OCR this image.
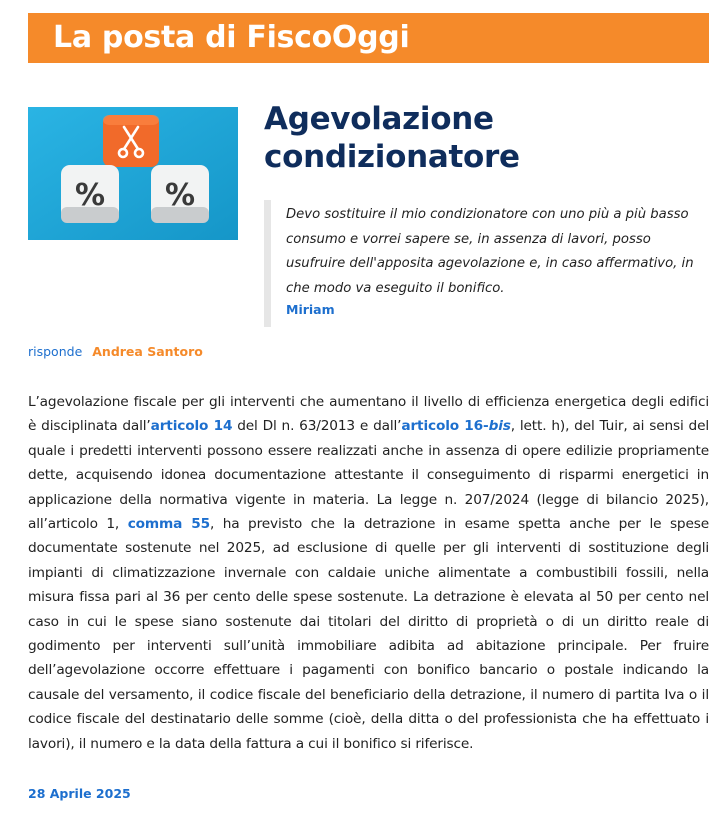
La posta di FiscoOggi
% %
Agevolazione condizionatore
Devo sostituire il mio condizionatore con uno più a più basso consumo e vorrei sapere se, in assenza di lavori, posso usufruire dell'apposita agevolazione e, in caso affermativo, in che modo va eseguito il bonifico.
Miriam
risponde Andrea Santoro
L’agevolazione fiscale per gli interventi che aumentano il livello di efficienza energetica degli edifici è disciplinata dall’articolo 14 del Dl n. 63/2013 e dall’articolo 16-bis, lett. h), del Tuir, ai sensi del quale i predetti interventi possono essere realizzati anche in assenza di opere edilizie propriamente dette, acquisendo idonea documentazione attestante il conseguimento di risparmi energetici in applicazione della normativa vigente in materia. La legge n. 207/2024 (legge di bilancio 2025), all’articolo 1, comma 55, ha previsto che la detrazione in esame spetta anche per le spese documentate sostenute nel 2025, ad esclusione di quelle per gli interventi di sostituzione degli impianti di climatizzazione invernale con caldaie uniche alimentate a combustibili fossili, nella misura fissa pari al 36 per cento delle spese sostenute. La detrazione è elevata al 50 per cento nel caso in cui le spese siano sostenute dai titolari del diritto di proprietà o di un diritto reale di godimento per interventi sull’unità immobiliare adibita ad abitazione principale. Per fruire dell’agevolazione occorre effettuare i pagamenti con bonifico bancario o postale indicando la causale del versamento, il codice fiscale del beneficiario della detrazione, il numero di partita Iva o il codice fiscale del destinatario delle somme (cioè, della ditta o del professionista che ha effettuato i lavori), il numero e la data della fattura a cui il bonifico si riferisce.
28 Aprile 2025
